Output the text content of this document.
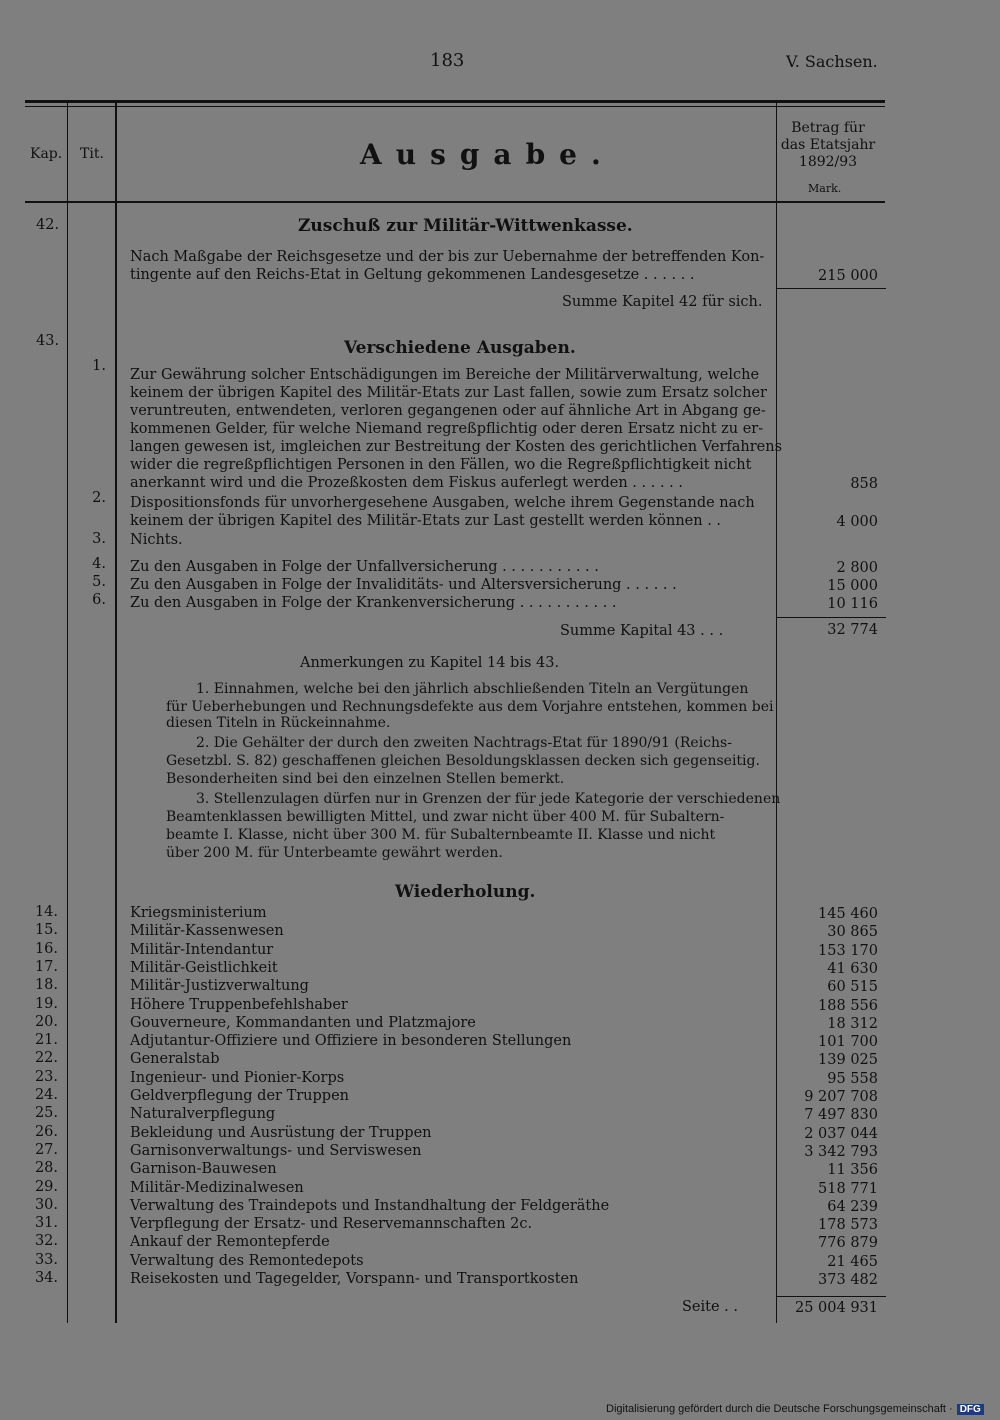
183	V. Sachsen.
Kap. Tit.	Ausgabe.
Betrag für das Etatsjahr 1892/93
Mark.
42.	Zuschuß zur Militär-Wittwenkasse.
Nach Maßgabe der Reichsgesetze und der bis zur Uebernahme der betreffenden Kon-
tingente auf den Reichs-Etat in Geltung gekommenen Landesgesetze . . . . . .	215 000
Summe Kapitel 42 für sich.
43.	Verschiedene Ausgaben.
1.
Zur Gewährung solcher Entschädigungen im Bereiche der Militärverwaltung, welche
keinem der übrigen Kapitel des Militär-Etats zur Last fallen, sowie zum Ersatz solcher
veruntreuten, entwendeten, verloren gegangenen oder auf ähnliche Art in Abgang ge-
kommenen Gelder, für welche Niemand regreßpflichtig oder deren Ersatz nicht zu er-
langen gewesen ist, imgleichen zur Bestreitung der Kosten des gerichtlichen Verfahrens
wider die regreßpflichtigen Personen in den Fällen, wo die Regreßpflichtigkeit nicht
anerkannt wird und die Prozeßkosten dem Fiskus auferlegt werden . . . . . .	858
2. Dispositionsfonds für unvorhergesehene Ausgaben, welche ihrem Gegenstande nach
keinem der übrigen Kapitel des Militär-Etats zur Last gestellt werden können . .	4 000
3. Nichts.
4. Zu den Ausgaben in Folge der Unfallversicherung . . . . . . . . . . .	2 800
5. Zu den Ausgaben in Folge der Invaliditäts- und Altersversicherung . . . . . .	15 000
6. Zu den Ausgaben in Folge der Krankenversicherung . . . . . . . . . . .	10 116
Summe Kapital 43 . . .	32 774
Anmerkungen zu Kapitel 14 bis 43.
1. Einnahmen, welche bei den jährlich abschließenden Titeln an Vergütungen
für Ueberhebungen und Rechnungsdefekte aus dem Vorjahre entstehen, kommen bei
diesen Titeln in Rückeinnahme.
2. Die Gehälter der durch den zweiten Nachtrags-Etat für 1890/91 (Reichs-
Gesetzbl. S. 82) geschaffenen gleichen Besoldungsklassen decken sich gegenseitig.
Besonderheiten sind bei den einzelnen Stellen bemerkt.
3. Stellenzulagen dürfen nur in Grenzen der für jede Kategorie der verschiedenen
Beamtenklassen bewilligten Mittel, und zwar nicht über 400 M. für Subaltern-
beamte I. Klasse, nicht über 300 M. für Subalternbeamte II. Klasse und nicht
über 200 M. für Unterbeamte gewährt werden.
Wiederholung.
14.	Kriegsministerium	145 460
15.	Militär-Kassenwesen	30 865
16.	Militär-Intendantur	153 170
17.	Militär-Geistlichkeit	41 630
18.	Militär-Justizverwaltung	60 515
19.	Höhere Truppenbefehlshaber	188 556
20.	Gouverneure, Kommandanten und Platzmajore	18 312
21.	Adjutantur-Offiziere und Offiziere in besonderen Stellungen	101 700
22.	Generalstab	139 025
23.	Ingenieur- und Pionier-Korps	95 558
24.	Geldverpflegung der Truppen	9 207 708
25.	Naturalverpflegung	7 497 830
26.	Bekleidung und Ausrüstung der Truppen	2 037 044
27.	Garnisonverwaltungs- und Serviswesen	3 342 793
28.	Garnison-Bauwesen	11 356
29.	Militär-Medizinalwesen	518 771
30.	Verwaltung des Traindepots und Instandhaltung der Feldgeräthe	64 239
31.	Verpflegung der Ersatz- und Reservemannschaften 2c.	178 573
32.	Ankauf der Remontepferde	776 879
33.	Verwaltung des Remontedepots	21 465
34.	Reisekosten und Tagegelder, Vorspann- und Transportkosten	373 482
Seite . .	25 004 931
Digitalisierung gefördert durch die Deutsche Forschungsgemeinschaft · DFG
